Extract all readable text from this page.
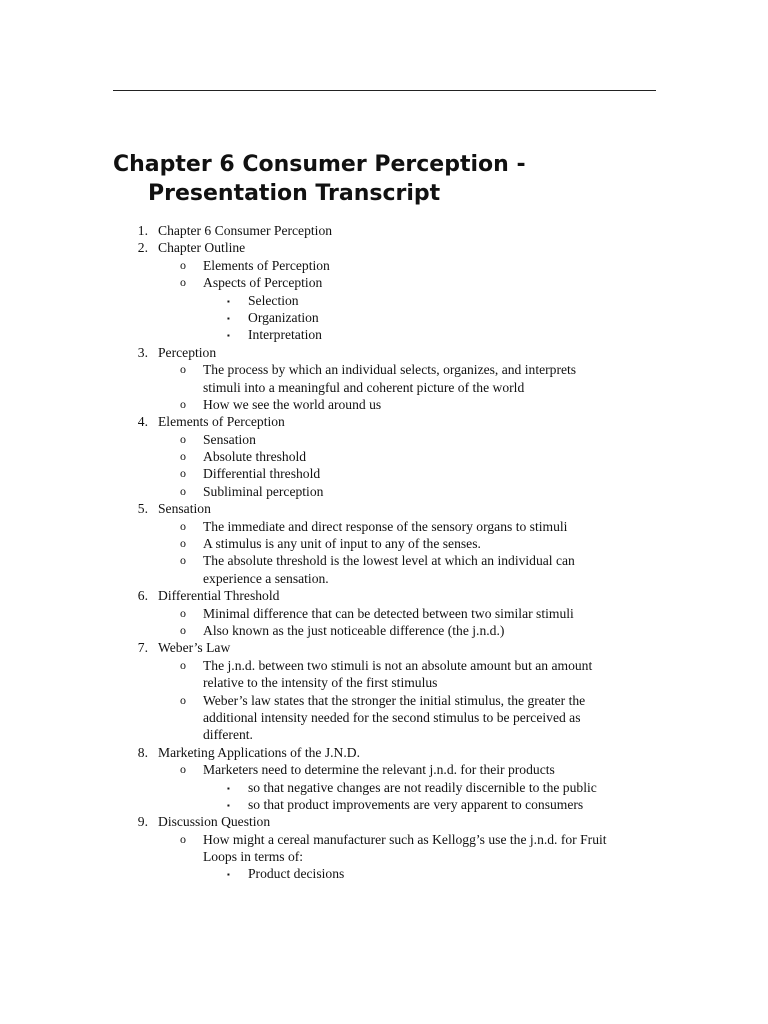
Chapter 6 Consumer Perception -
Presentation Transcript
1. Chapter 6 Consumer Perception
2. Chapter Outline
o Elements of Perception
o Aspects of Perception
▪ Selection
▪ Organization
▪ Interpretation
3. Perception
o The process by which an individual selects, organizes, and interprets
stimuli into a meaningful and coherent picture of the world
o How we see the world around us
4. Elements of Perception
o Sensation
o Absolute threshold
o Differential threshold
o Subliminal perception
5. Sensation
o The immediate and direct response of the sensory organs to stimuli
o A stimulus is any unit of input to any of the senses.
o The absolute threshold is the lowest level at which an individual can
experience a sensation.
6. Differential Threshold
o Minimal difference that can be detected between two similar stimuli
o Also known as the just noticeable difference (the j.n.d.)
7. Weber’s Law
o The j.n.d. between two stimuli is not an absolute amount but an amount
relative to the intensity of the first stimulus
o Weber’s law states that the stronger the initial stimulus, the greater the
additional intensity needed for the second stimulus to be perceived as
different.
8. Marketing Applications of the J.N.D.
o Marketers need to determine the relevant j.n.d. for their products
▪ so that negative changes are not readily discernible to the public
▪ so that product improvements are very apparent to consumers
9. Discussion Question
o How might a cereal manufacturer such as Kellogg’s use the j.n.d. for Fruit
Loops in terms of:
▪ Product decisions
